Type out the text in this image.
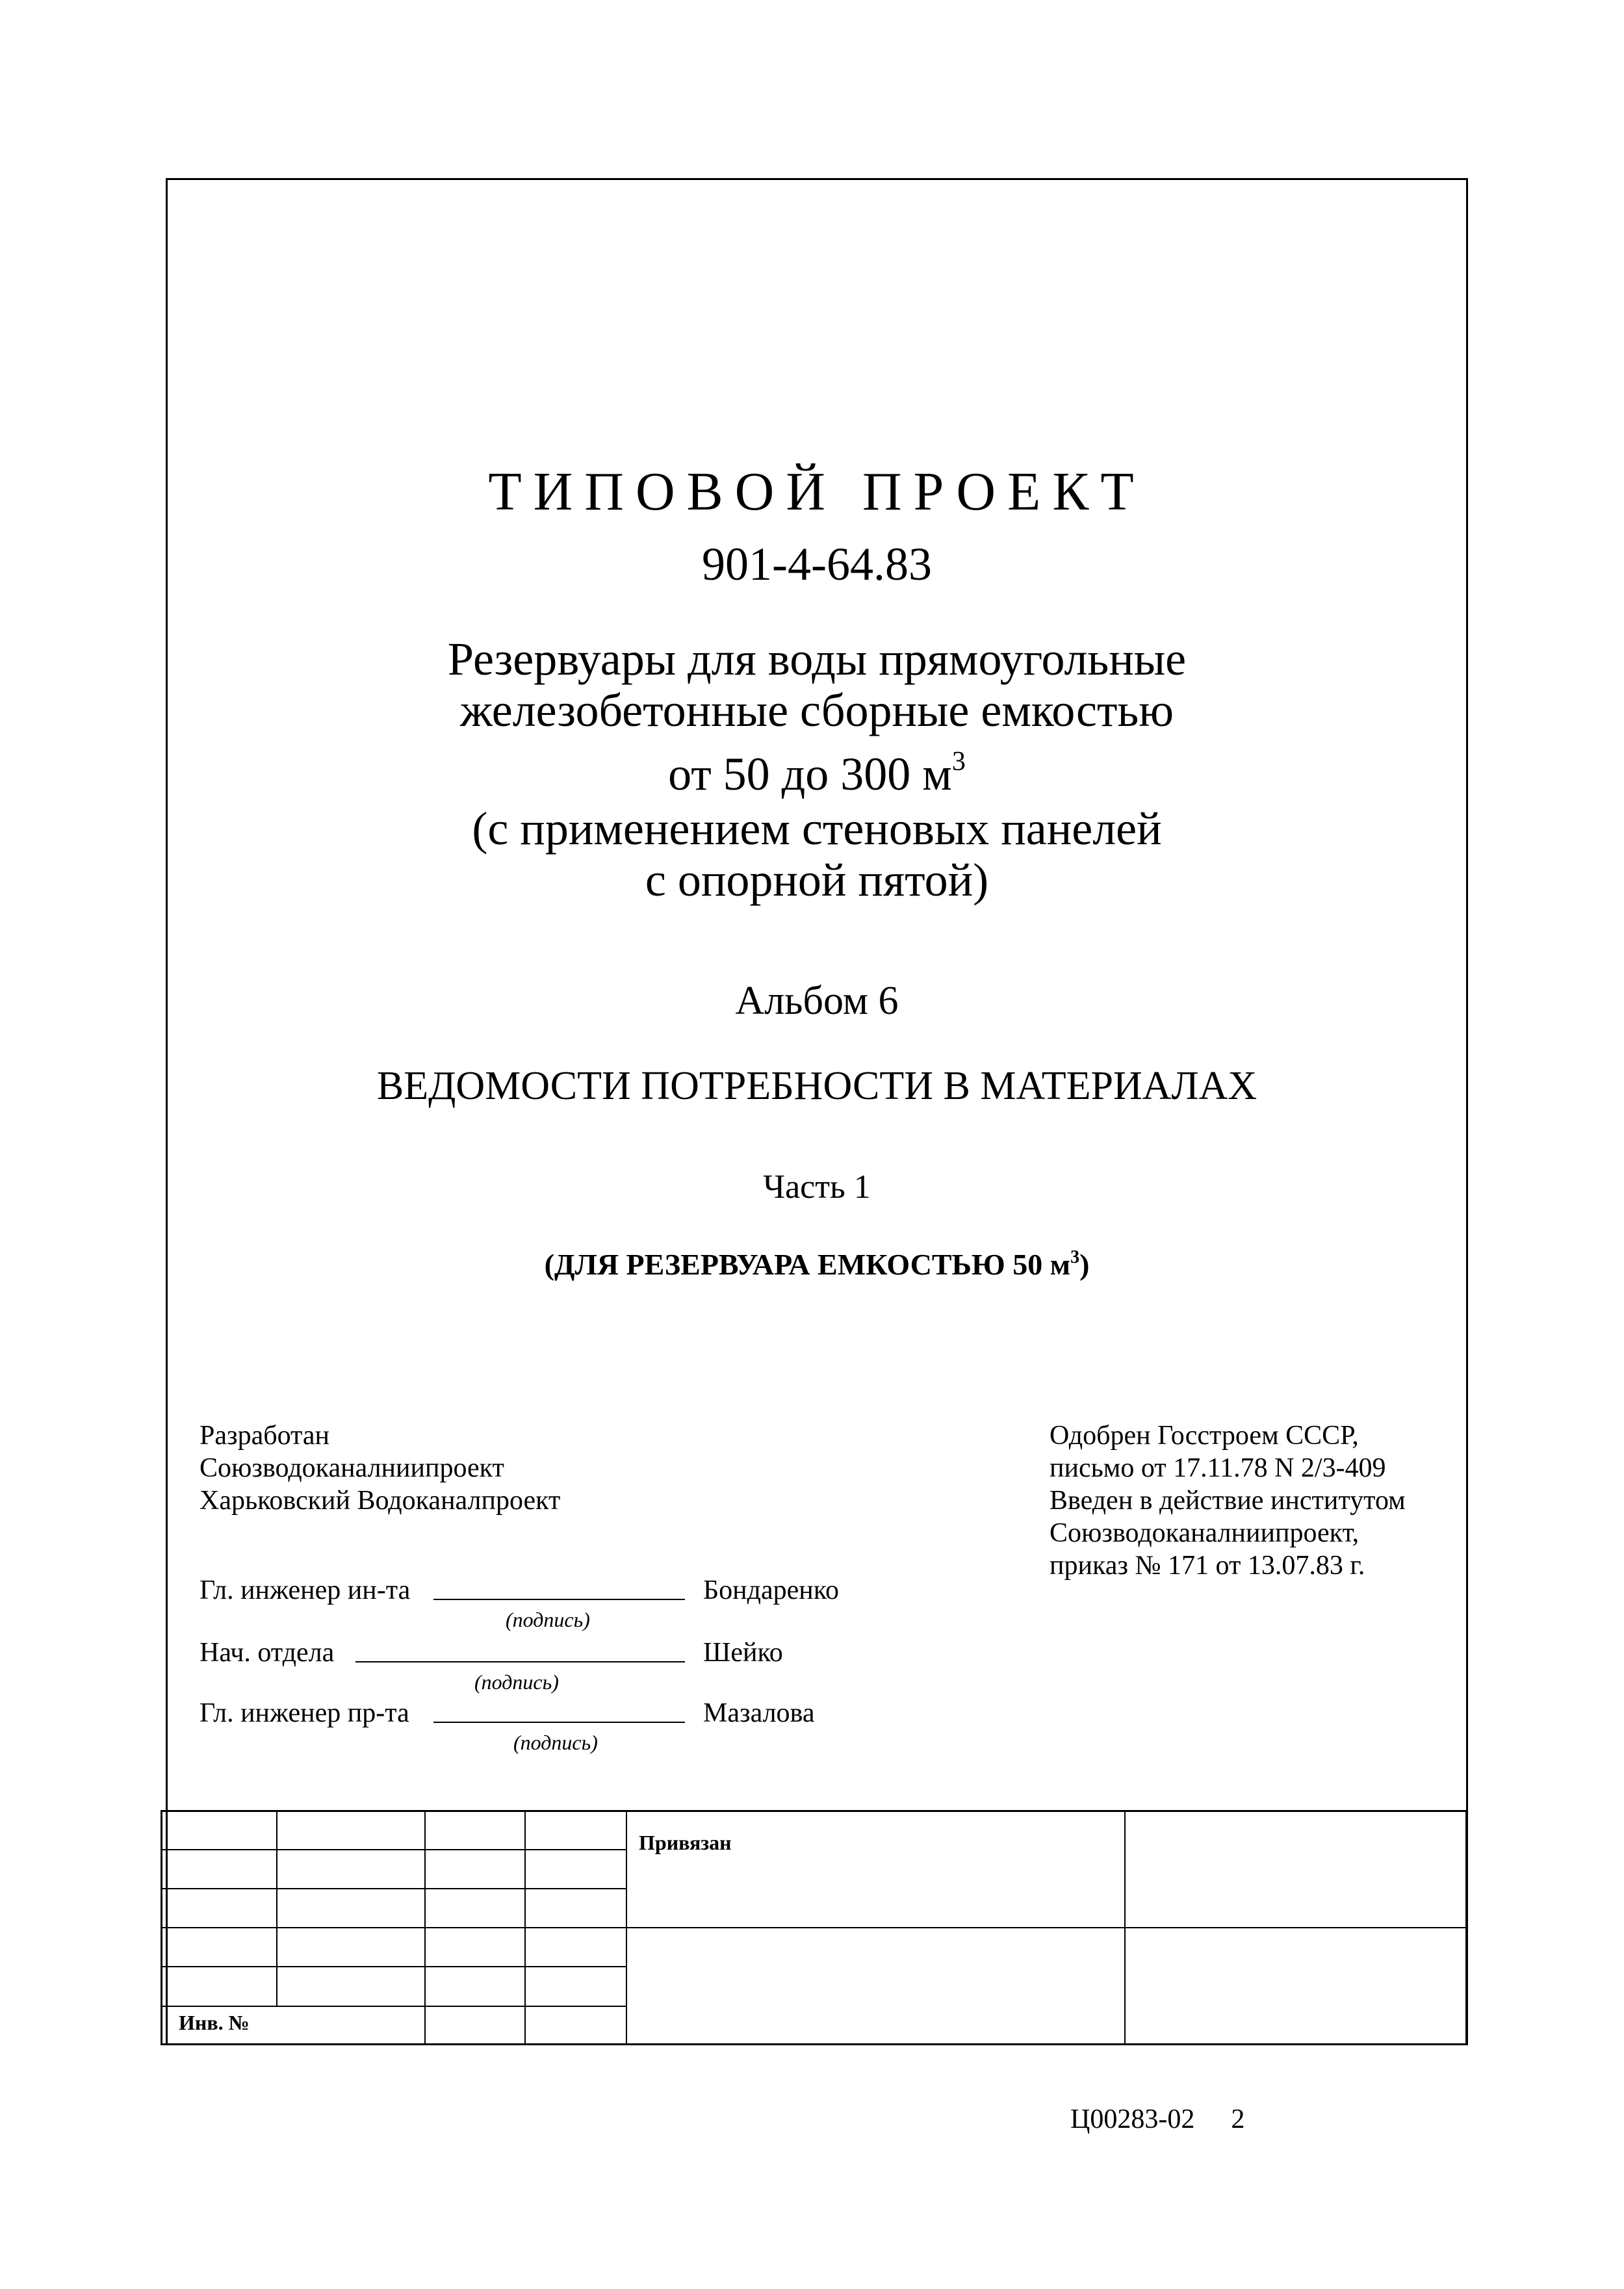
ТИПОВОЙ ПРОЕКТ
901-4-64.83
Резервуары для воды прямоугольные
железобетонные сборные емкостью
от 50 до 300 $м^3$
(с применением стеновых панелей
с опорной пятой)
Альбом 6
ВЕДОМОСТИ ПОТРЕБНОСТИ В МАТЕРИАЛАХ
Часть 1
(ДЛЯ РЕЗЕРВУАРА ЕМКОСТЬЮ 50 $м^3$)
Разработан
Союзводоканалниипроект
Харьковский Водоканалпроект
Одобрен Госстроем СССР,
письмо от 17.11.78 N 2/3-409
Введен в действие институтом
Союзводоканалниипроект,
приказ № 171 от 13.07.83 г.
Гл. инженер ин-та	Бондаренко
(подпись)
Нач. отдела	Шейко
(подпись)
Гл. инженер пр-та	Мазалова
(подпись)
Привязан
Инв. №
Ц00283-02 2
